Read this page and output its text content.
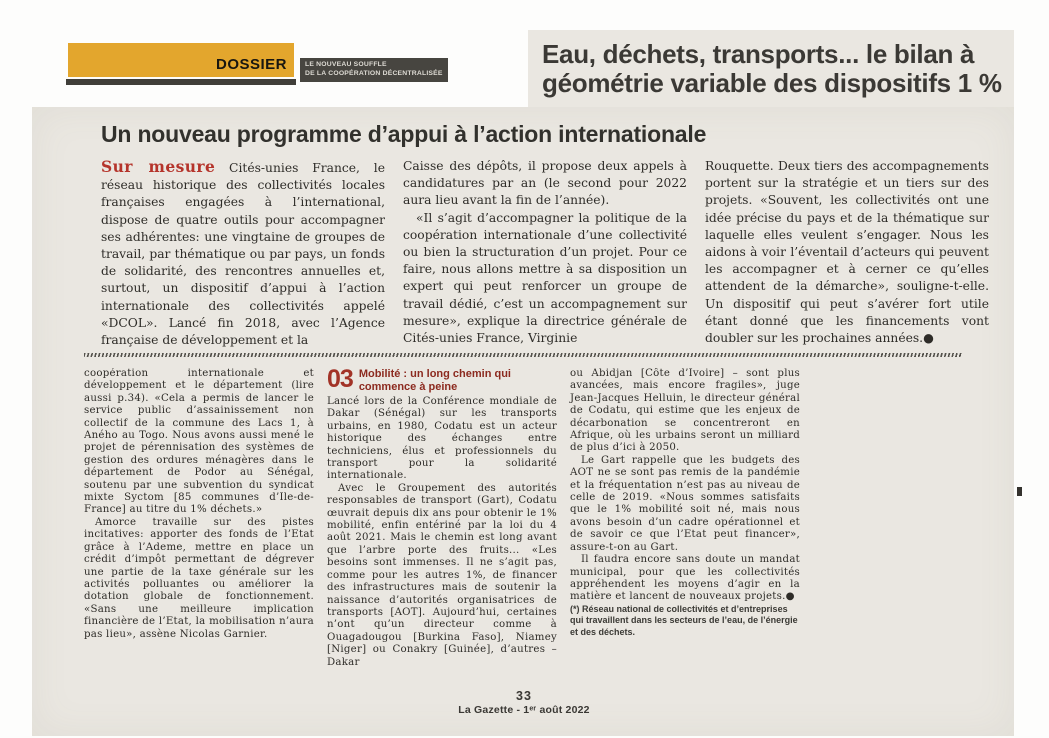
DOSSIER	LE NOUVEAU SOUFFLE
DE LA COOPÉRATION DÉCENTRALISÉE
Eau, déchets, transports... le bilan à géométrie variable des dispositifs 1 %
Un nouveau programme d’appui à l’action internationale

Sur mesure Cités-unies France, le réseau historique des collectivités locales françaises engagées à l’international, dispose de quatre outils pour accompagner ses adhérentes: une vingtaine de groupes de travail, par thématique ou par pays, un fonds de solidarité, des rencontres annuelles et, surtout, un dispositif d’appui à l’action internationale des collectivités appelé «DCOL». Lancé fin 2018, avec l’Agence française de développement et la

Caisse des dépôts, il propose deux appels à candidatures par an (le second pour 2022 aura lieu avant la fin de l’année).

«Il s’agit d’accompagner la politique de la coopération internationale d’une collectivité ou bien la structuration d’un projet. Pour ce faire, nous allons mettre à sa disposition un expert qui peut renforcer un groupe de travail dédié, c’est un accompagnement sur mesure», explique la directrice générale de Cités-unies France, Virginie

Rouquette. Deux tiers des accompagnements portent sur la stratégie et un tiers sur des projets. «Souvent, les collectivités ont une idée précise du pays et de la thématique sur laquelle elles veulent s’engager. Nous les aidons à voir l’éventail d’acteurs qui peuvent les accompagner et à cerner ce qu’elles attendent de la démarche», souligne-t-elle. Un dispositif qui peut s’avérer fort utile étant donné que les financements vont doubler sur les prochaines années.●

coopération internationale et développement et le département (lire aussi p.34). «Cela a permis de lancer le service public d’assainissement non collectif de la commune des Lacs 1, à Aného au Togo. Nous avons aussi mené le projet de pérennisation des systèmes de gestion des ordures ménagères dans le département de Podor au Sénégal, soutenu par une subvention du syndicat mixte Syctom [85 communes d’Ile-de-France] au titre du 1% déchets.»

Amorce travaille sur des pistes incitatives: apporter des fonds de l’Etat grâce à l’Ademe, mettre en place un crédit d’impôt permettant de dégrever une partie de la taxe générale sur les activités polluantes ou améliorer la dotation globale de fonctionnement. «Sans une meilleure implication financière de l’Etat, la mobilisation n’aura pas lieu», assène Nicolas Garnier.

03 Mobilité : un long chemin qui commence à peine

Lancé lors de la Conférence mondiale de Dakar (Sénégal) sur les transports urbains, en 1980, Codatu est un acteur historique des échanges entre techniciens, élus et professionnels du transport pour la solidarité internationale.

Avec le Groupement des autorités responsables de transport (Gart), Codatu œuvrait depuis dix ans pour obtenir le 1% mobilité, enfin entériné par la loi du 4 août 2021. Mais le chemin est long avant que l’arbre porte des fruits... «Les besoins sont immenses. Il ne s’agit pas, comme pour les autres 1%, de financer des infrastructures mais de soutenir la naissance d’autorités organisatrices de transports [AOT]. Aujourd’hui, certaines n’ont qu’un directeur comme à Ouagadougou [Burkina Faso], Niamey [Niger] ou Conakry [Guinée], d’autres – Dakar

ou Abidjan [Côte d’Ivoire] – sont plus avancées, mais encore fragiles», juge Jean-Jacques Helluin, le directeur général de Codatu, qui estime que les enjeux de décarbonation se concentreront en Afrique, où les urbains seront un milliard de plus d’ici à 2050.

Le Gart rappelle que les budgets des AOT ne se sont pas remis de la pandémie et la fréquentation n’est pas au niveau de celle de 2019. «Nous sommes satisfaits que le 1% mobilité soit né, mais nous avons besoin d’un cadre opérationnel et de savoir ce que l’Etat peut financer», assure-t-on au Gart.

Il faudra encore sans doute un mandat municipal, pour que les collectivités appréhendent les moyens d’agir en la matière et lancent de nouveaux projets.●

(*) Réseau national de collectivités et d’entreprises qui travaillent dans les secteurs de l’eau, de l’énergie et des déchets.

33
La Gazette - 1ᵉʳ août 2022
